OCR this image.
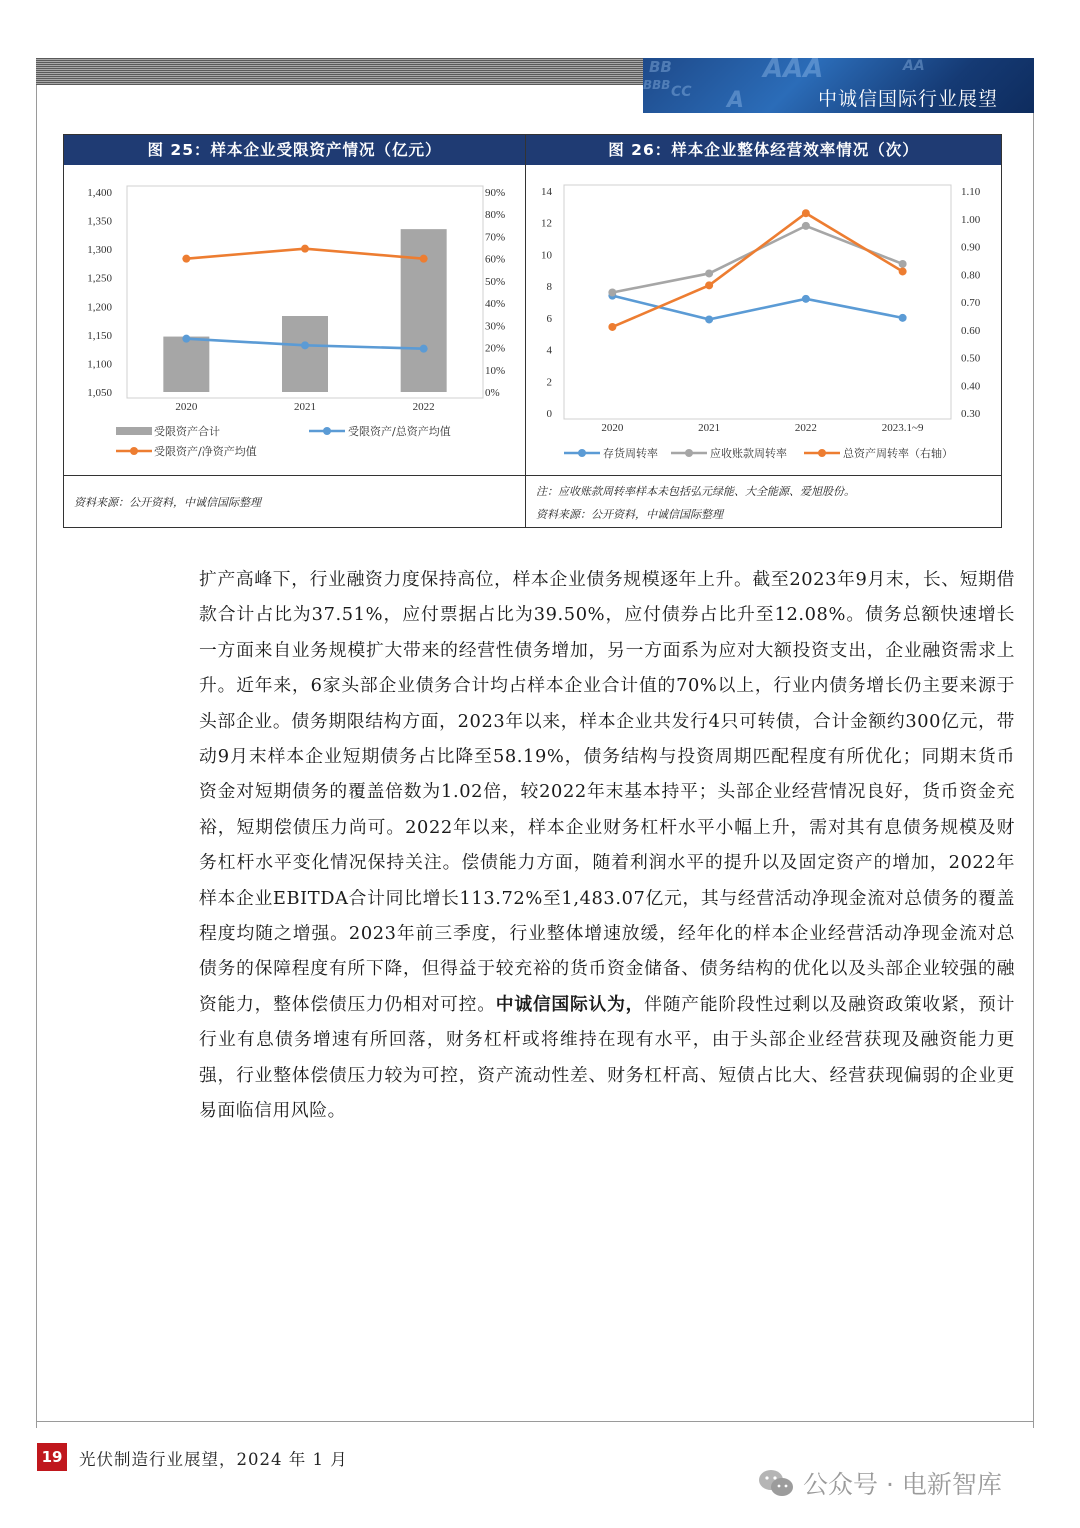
BB	AAA
CC A
BBB
AA
中诚信国际行业展望
图 25：样本企业受限资产情况（亿元）
1,050
1,100
1,150
1,200
1,250
1,300
1,350
1,400
0%
10%
20%
30%
40%
50%
60%
70%
80%
90%
2020	2021	2022
受限资产合计	受限资产/总资产均值
受限资产/净资产均值
资料来源：公开资料，中诚信国际整理
图 26：样本企业整体经营效率情况（次）
0
2
4
6
8
10
12
14
0.30
0.40
0.50
0.60
0.70
0.80
0.90
1.00
1.10
2020	2021	2022	2023.1~9
存货周转率	应收账款周转率	总资产周转率（右轴）
注：应收账款周转率样本未包括弘元绿能、大全能源、爱旭股份。
资料来源：公开资料，中诚信国际整理

扩产高峰下，行业融资力度保持高位，样本企业债务规模逐年上升。截至2023年9月末，长、短期借款合计占比为37.51%，应付票据占比为39.50%，应付债券占比升至12.08%。债务总额快速增长一方面来自业务规模扩大带来的经营性债务增加，另一方面系为应对大额投资支出，企业融资需求上升。近年来，6家头部企业债务合计均占样本企业合计值的70%以上，行业内债务增长仍主要来源于头部企业。债务期限结构方面，2023年以来，样本企业共发行4只可转债，合计金额约300亿元，带动9月末样本企业短期债务占比降至58.19%，债务结构与投资周期匹配程度有所优化；同期末货币资金对短期债务的覆盖倍数为1.02倍，较2022年末基本持平；头部企业经营情况良好，货币资金充裕，短期偿债压力尚可。2022年以来，样本企业财务杠杆水平小幅上升，需对其有息债务规模及财务杠杆水平变化情况保持关注。偿债能力方面，随着利润水平的提升以及固定资产的增加，2022年样本企业EBITDA合计同比增长113.72%至1,483.07亿元，其与经营活动净现金流对总债务的覆盖程度均随之增强。2023年前三季度，行业整体增速放缓，经年化的样本企业经营活动净现金流对总债务的保障程度有所下降，但得益于较充裕的货币资金储备、债务结构的优化以及头部企业较强的融资能力，整体偿债压力仍相对可控。中诚信国际认为，伴随产能阶段性过剩以及融资政策收紧，预计行业有息债务增速有所回落，财务杠杆或将维持在现有水平，由于头部企业经营获现及融资能力更强，行业整体偿债压力较为可控，资产流动性差、财务杠杆高、短债占比大、经营获现偏弱的企业更易面临信用风险。

19 光伏制造行业展望，2024 年 1 月
公众号 · 电新智库
